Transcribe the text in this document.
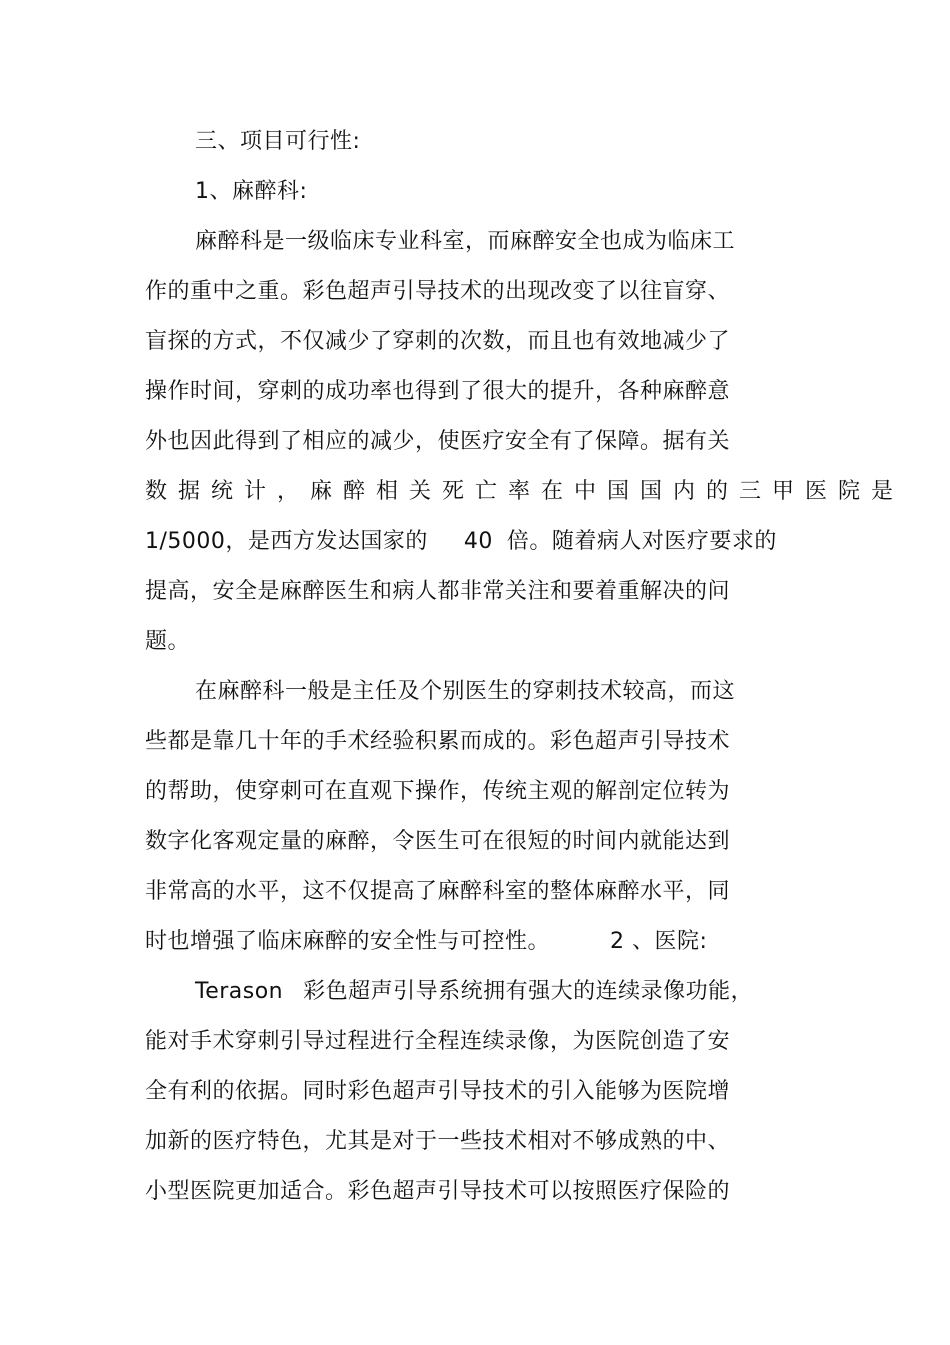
三、项目可行性:
1、麻醉科:
麻醉科是一级临床专业科室，而麻醉安全也成为临床工
作的重中之重。彩色超声引导技术的出现改变了以往盲穿、
盲探的方式，不仅减少了穿刺的次数，而且也有效地减少了
操作时间，穿刺的成功率也得到了很大的提升，各种麻醉意
外也因此得到了相应的减少，使医疗安全有了保障。据有关
数据统计，麻醉相关死亡率在中国国内的三甲医院是
1/5000，是西方发达国家的 40 倍。随着病人对医疗要求的
提高，安全是麻醉医生和病人都非常关注和要着重解决的问
题。
在麻醉科一般是主任及个别医生的穿刺技术较高，而这
些都是靠几十年的手术经验积累而成的。彩色超声引导技术
的帮助，使穿刺可在直观下操作，传统主观的解剖定位转为
数字化客观定量的麻醉，令医生可在很短的时间内就能达到
非常高的水平，这不仅提高了麻醉科室的整体麻醉水平，同
时也增强了临床麻醉的安全性与可控性。	2 、医院:
Terason 彩色超声引导系统拥有强大的连续录像功能，
能对手术穿刺引导过程进行全程连续录像，为医院创造了安
全有利的依据。同时彩色超声引导技术的引入能够为医院增
加新的医疗特色，尤其是对于一些技术相对不够成熟的中、
小型医院更加适合。彩色超声引导技术可以按照医疗保险的
